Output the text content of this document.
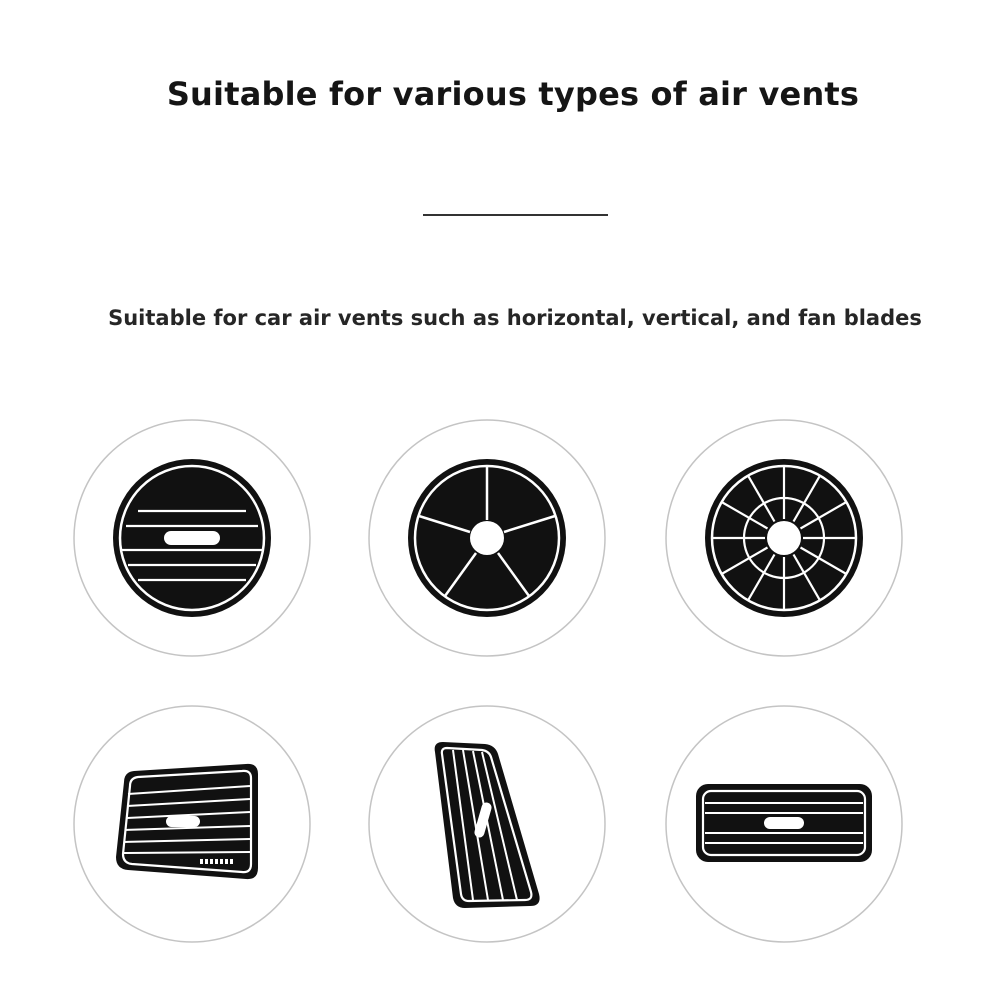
Suitable for various types of air vents
Suitable for car air vents such as horizontal, vertical, and fan blades
